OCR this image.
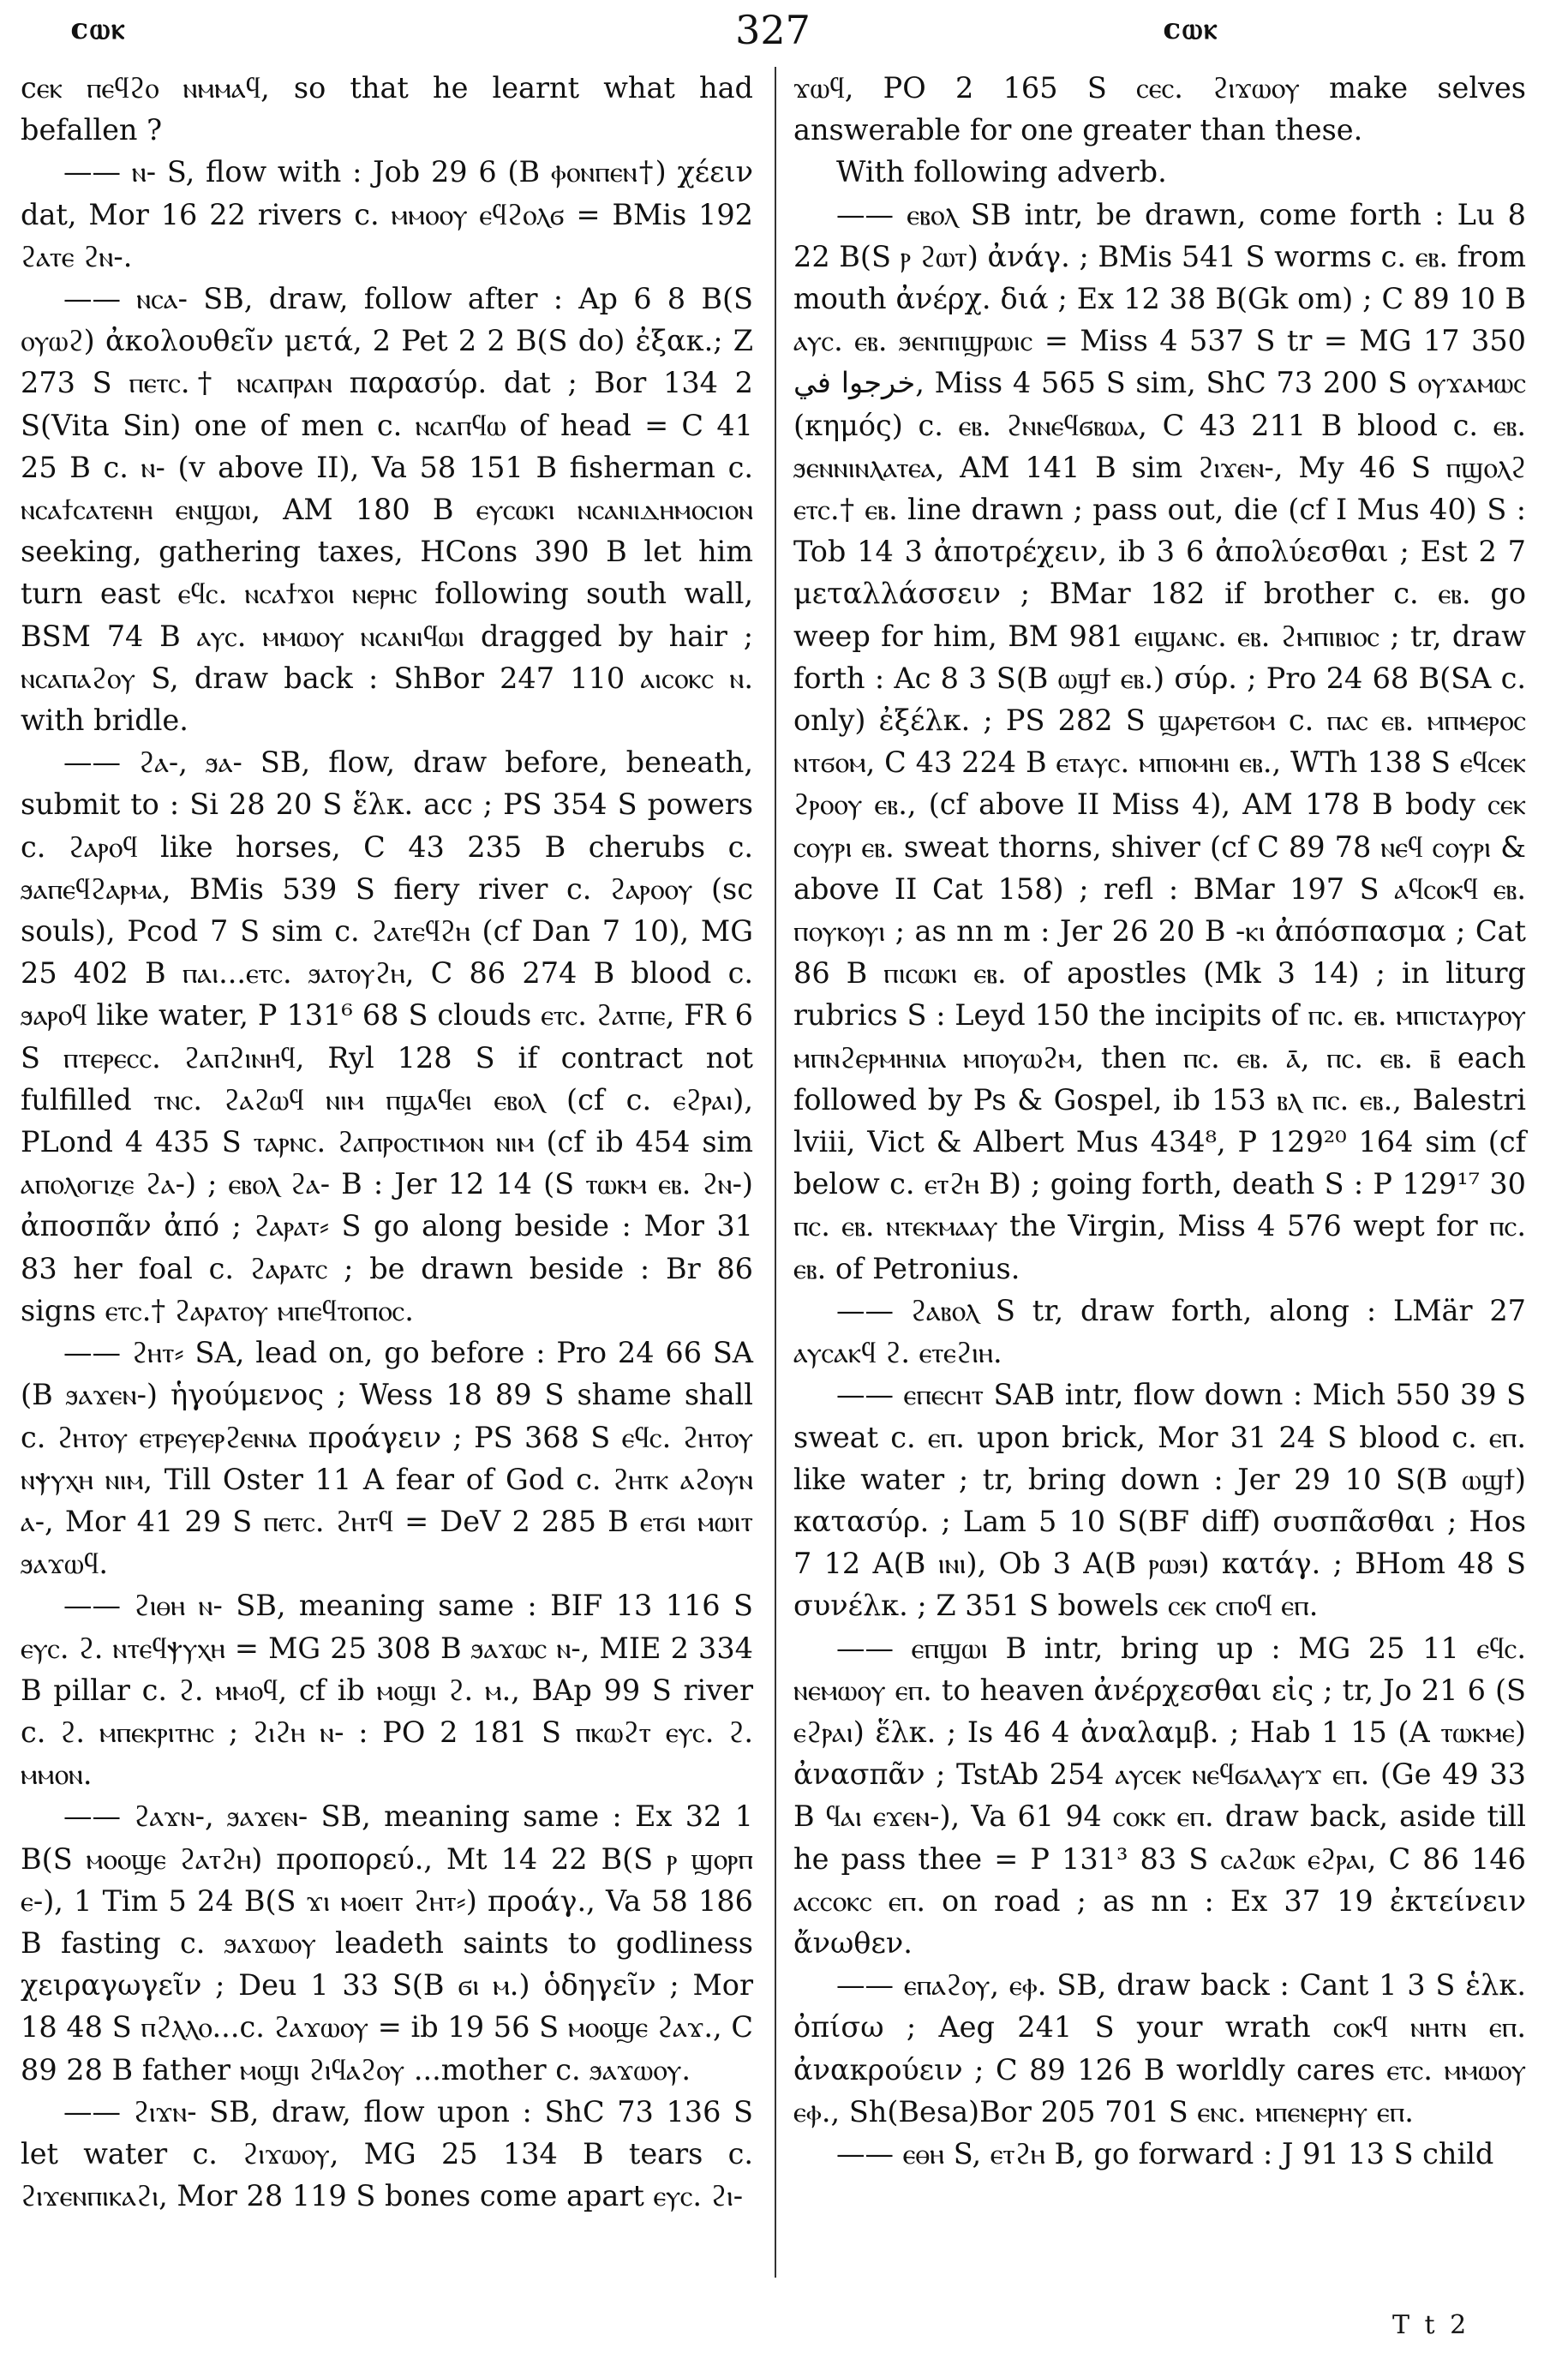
ϲⲱⲕ	327	ϲⲱⲕ

ϲⲉⲕ ⲡⲉϥϩⲟ ⲛⲙⲙⲁϥ, so that he learnt what had befallen ?

—— ⲛ- S, flow with : Job 29 6 (B ⲫⲟⲛⲡⲉⲛ†) χέειν dat, Mor 16 22 rivers c. ⲙⲙⲟⲟⲩ ⲉϥϩⲟⲗϭ = BMis 192 ϩⲁⲧⲉ ϩⲛ-.

—— ⲛⲥⲁ- SB, draw, follow after : Ap 6 8 B(S ⲟⲩⲱϩ) ἀκολουθεῖν μετά, 2 Pet 2 2 B(S do) ἐξακ.; Z 273 S ⲡⲉⲧⲥ.† ⲛⲥⲁⲡⲣⲁⲛ παρασύρ. dat ; Bor 134 2 S(Vita Sin) one of men c. ⲛⲥⲁⲡϥⲱ of head = C 41 25 B c. ⲛ- (v above II), Va 58 151 B fisherman c. ⲛⲥⲁϯⲥⲁⲧⲉⲛⲏ ⲉⲛϣⲱⲓ, AM 180 B ⲉⲩⲥⲱⲕⲓ ⲛⲥⲁⲛⲓⲇⲏⲙⲟⲥⲓⲟⲛ seeking, gathering taxes, HCons 390 B let him turn east ⲉϥⲥ. ⲛⲥⲁϯϫⲟⲓ ⲛⲉⲣⲏⲥ following south wall, BSM 74 B ⲁⲩⲥ. ⲙⲙⲱⲟⲩ ⲛⲥⲁⲛⲓϥⲱⲓ dragged by hair ; ⲛⲥⲁⲡⲁϩⲟⲩ S, draw back : ShBor 247 110 ⲁⲓⲥⲟⲕⲥ ⲛ. with bridle.

—— ϩⲁ-, ϧⲁ- SB, flow, draw before, beneath, submit to : Si 28 20 S ἕλκ. acc ; PS 354 S powers c. ϩⲁⲣⲟϥ like horses, C 43 235 B cherubs c. ϧⲁⲡⲉϥϩⲁⲣⲙⲁ, BMis 539 S fiery river c. ϩⲁⲣⲟⲟⲩ (sc souls), Pcod 7 S sim c. ϩⲁⲧⲉϥϩⲏ (cf Dan 7 10), MG 25 402 B ⲡⲁⲓ...ⲉⲧⲥ. ϧⲁⲧⲟⲩϩⲏ, C 86 274 B blood c. ϧⲁⲣⲟϥ like water, P 131⁶ 68 S clouds ⲉⲧⲥ. ϩⲁⲧⲡⲉ, FR 6 S ⲡⲧⲉⲣⲉⲥⲥ. ϩⲁⲡϩⲓⲛⲏϥ, Ryl 128 S if contract not fulfilled ⲧⲛⲥ. ϩⲁϩⲱϥ ⲛⲓⲙ ⲡϣⲁϥⲉⲓ ⲉⲃⲟⲗ (cf c. ⲉϩⲣⲁⲓ), PLond 4 435 S ⲧⲁⲣⲛⲥ. ϩⲁⲡⲣⲟⲥⲧⲓⲙⲟⲛ ⲛⲓⲙ (cf ib 454 sim ⲁⲡⲟⲗⲟⲅⲓⲍⲉ ϩⲁ-) ; ⲉⲃⲟⲗ ϩⲁ- B : Jer 12 14 (S ⲧⲱⲕⲙ ⲉⲃ. ϩⲛ-) ἀποσπᾶν ἀπό ; ϩⲁⲣⲁⲧ⸗ S go along beside : Mor 31 83 her foal c. ϩⲁⲣⲁⲧⲥ ; be drawn beside : Br 86 signs ⲉⲧⲥ.† ϩⲁⲣⲁⲧⲟⲩ ⲙⲡⲉϥⲧⲟⲡⲟⲥ.

—— ϩⲏⲧ⸗ SA, lead on, go before : Pro 24 66 SA (B ϧⲁϫⲉⲛ-) ἡγούμενος ; Wess 18 89 S shame shall c. ϩⲏⲧⲟⲩ ⲉⲧⲣⲉⲩⲉⲣϩⲉⲛⲛⲁ προάγειν ; PS 368 S ⲉϥⲥ. ϩⲏⲧⲟⲩ ⲛⲯⲩⲭⲏ ⲛⲓⲙ, Till Oster 11 A fear of God c. ϩⲏⲧⲕ ⲁϩⲟⲩⲛ ⲁ-, Mor 41 29 S ⲡⲉⲧⲥ. ϩⲏⲧϥ = DeV 2 285 B ⲉⲧϭⲓ ⲙⲱⲓⲧ ϧⲁϫⲱϥ.

—— ϩⲓⲑⲏ ⲛ- SB, meaning same : BIF 13 116 S ⲉⲩⲥ. ϩ. ⲛⲧⲉϥⲯⲩⲭⲏ = MG 25 308 B ϧⲁϫⲱⲥ ⲛ-, MIE 2 334 B pillar c. ϩ. ⲙⲙⲟϥ, cf ib ⲙⲟϣⲓ ϩ. ⲙ., BAp 99 S river c. ϩ. ⲙⲡⲉⲕⲣⲓⲧⲏⲥ ; ϩⲓϩⲏ ⲛ- : PO 2 181 S ⲡⲕⲱϩⲧ ⲉⲩⲥ. ϩ. ⲙⲙⲟⲛ.

—— ϩⲁϫⲛ-, ϧⲁϫⲉⲛ- SB, meaning same : Ex 32 1 B(S ⲙⲟⲟϣⲉ ϩⲁⲧϩⲏ) προπορεύ., Mt 14 22 B(S ⲣ ϣⲟⲣⲡ ⲉ-), 1 Tim 5 24 B(S ϫⲓ ⲙⲟⲉⲓⲧ ϩⲏⲧ⸗) προάγ., Va 58 186 B fasting c. ϧⲁϫⲱⲟⲩ leadeth saints to godliness χειραγωγεῖν ; Deu 1 33 S(B ϭⲓ ⲙ.) ὁδηγεῖν ; Mor 18 48 S ⲡϩⲗⲗⲟ...c. ϩⲁϫⲱⲟⲩ = ib 19 56 S ⲙⲟⲟϣⲉ ϩⲁϫ., C 89 28 B father ⲙⲟϣⲓ ϩⲓϥⲁϩⲟⲩ ...mother c. ϧⲁϫⲱⲟⲩ.

—— ϩⲓϫⲛ- SB, draw, flow upon : ShC 73 136 S let water c. ϩⲓϫⲱⲟⲩ, MG 25 134 B tears c. ϩⲓϫⲉⲛⲡⲓⲕⲁϩⲓ, Mor 28 119 S bones come apart ⲉⲩⲥ. ϩⲓ-

ϫⲱϥ, PO 2 165 S ⲥⲉⲥ. ϩⲓϫⲱⲟⲩ make selves answerable for one greater than these.

With following adverb.

—— ⲉⲃⲟⲗ SB intr, be drawn, come forth : Lu 8 22 B(S ⲣ ϩⲱⲧ) ἀνάγ. ; BMis 541 S worms c. ⲉⲃ. from mouth ἀνέρχ. διά ; Ex 12 38 B(Gk om) ; C 89 10 B ⲁⲩⲥ. ⲉⲃ. ϧⲉⲛⲡⲓϣⲣⲱⲓⲥ = Miss 4 537 S tr = MG 17 350 خرجوا في, Miss 4 565 S sim, ShC 73 200 S ⲟⲩϫⲁⲙⲱⲥ (κημός) c. ⲉⲃ. ϩⲛⲛⲉϥϭⲃⲱⲁ, C 43 211 B blood c. ⲉⲃ. ϧⲉⲛⲛⲓⲛⲗⲁⲧⲉⲁ, AM 141 B sim ϩⲓϫⲉⲛ-, My 46 S ⲡϣⲟⲗϩ ⲉⲧⲥ.† ⲉⲃ. line drawn ; pass out, die (cf I Mus 40) S : Tob 14 3 ἀποτρέχειν, ib 3 6 ἀπολύεσθαι ; Est 2 7 μεταλλάσσειν ; BMar 182 if brother c. ⲉⲃ. go weep for him, BM 981 ⲉⲓϣⲁⲛⲥ. ⲉⲃ. ϩⲙⲡⲓⲃⲓⲟⲥ ; tr, draw forth : Ac 8 3 S(B ⲱϣϯ ⲉⲃ.) σύρ. ; Pro 24 68 B(SA c. only) ἐξέλκ. ; PS 282 S ϣⲁⲣⲉⲧϭⲟⲙ c. ⲡⲁⲥ ⲉⲃ. ⲙⲡⲙⲉⲣⲟⲥ ⲛⲧϭⲟⲙ, C 43 224 B ⲉⲧⲁⲩⲥ. ⲙⲡⲓⲟⲙⲏⲓ ⲉⲃ., WTh 138 S ⲉϥⲥⲉⲕ ϩⲣⲟⲟⲩ ⲉⲃ., (cf above II Miss 4), AM 178 B body ⲥⲉⲕ ⲥⲟⲩⲣⲓ ⲉⲃ. sweat thorns, shiver (cf C 89 78 ⲛⲉϥ ⲥⲟⲩⲣⲓ & above II Cat 158) ; refl : BMar 197 S ⲁϥⲥⲟⲕϥ ⲉⲃ. ⲡⲟⲩⲕⲟⲩⲓ ; as nn m : Jer 26 20 B -ⲕⲓ ἀπόσπασμα ; Cat 86 B ⲡⲓⲥⲱⲕⲓ ⲉⲃ. of apostles (Mk 3 14) ; in liturg rubrics S : Leyd 150 the incipits of ⲡⲥ. ⲉⲃ. ⲙⲡⲓⲥⲧⲁⲩⲣⲟⲩ ⲙⲡⲛϩⲉⲣⲙⲏⲛⲓⲁ ⲙⲡⲟⲩⲱϩⲙ, then ⲡⲥ. ⲉⲃ. ⲁ̄, ⲡⲥ. ⲉⲃ. ⲃ̄ each followed by Ps & Gospel, ib 153 ⲃⲗ ⲡⲥ. ⲉⲃ., Balestri lviii, Vict & Albert Mus 434⁸, P 129²⁰ 164 sim (cf below c. ⲉⲧϩⲏ B) ; going forth, death S : P 129¹⁷ 30 ⲡⲥ. ⲉⲃ. ⲛⲧⲉⲕⲙⲁⲁⲩ the Virgin, Miss 4 576 wept for ⲡⲥ. ⲉⲃ. of Petronius.

—— ϩⲁⲃⲟⲗ S tr, draw forth, along : LMär 27 ⲁⲩⲥⲁⲕϥ ϩ. ⲉⲧⲉϩⲓⲏ.

—— ⲉⲡⲉⲥⲏⲧ SAB intr, flow down : Mich 550 39 S sweat c. ⲉⲡ. upon brick, Mor 31 24 S blood c. ⲉⲡ. like water ; tr, bring down : Jer 29 10 S(B ⲱϣϯ) κατασύρ. ; Lam 5 10 S(BF diff) συσπᾶσθαι ; Hos 7 12 A(B ⲓⲛⲓ), Ob 3 A(B ⲣⲱϧⲓ) κατάγ. ; BHom 48 S συνέλκ. ; Z 351 S bowels ⲥⲉⲕ ⲥⲡⲟϥ ⲉⲡ.

—— ⲉⲡϣⲱⲓ B intr, bring up : MG 25 11 ⲉϥⲥ. ⲛⲉⲙⲱⲟⲩ ⲉⲡ. to heaven ἀνέρχεσθαι εἰς ; tr, Jo 21 6 (S ⲉϩⲣⲁⲓ) ἕλκ. ; Is 46 4 ἀναλαμβ. ; Hab 1 15 (A ⲧⲱⲕⲙⲉ) ἀνασπᾶν ; TstAb 254 ⲁⲩⲥⲉⲕ ⲛⲉϥϭⲁⲗⲁⲩϫ ⲉⲡ. (Ge 49 33 B ϥⲁⲓ ⲉϫⲉⲛ-), Va 61 94 ⲥⲟⲕⲕ ⲉⲡ. draw back, aside till he pass thee = P 131³ 83 S ⲥⲁϩⲱⲕ ⲉϩⲣⲁⲓ, C 86 146 ⲁⲥⲥⲟⲕⲥ ⲉⲡ. on road ; as nn : Ex 37 19 ἐκτείνειν ἄνωθεν.

—— ⲉⲡⲁϩⲟⲩ, ⲉⲫ. SB, draw back : Cant 1 3 S ἑλκ. ὀπίσω ; Aeg 241 S your wrath ⲥⲟⲕϥ ⲛⲏⲧⲛ ⲉⲡ. ἀνακρούειν ; C 89 126 B worldly cares ⲉⲧⲥ. ⲙⲙⲱⲟⲩ ⲉⲫ., Sh(Besa)Bor 205 701 S ⲉⲛⲥ. ⲙⲡⲉⲛⲉⲣⲏⲩ ⲉⲡ.

—— ⲉⲑⲏ S, ⲉⲧϩⲏ B, go forward : J 91 13 S child

T t 2
